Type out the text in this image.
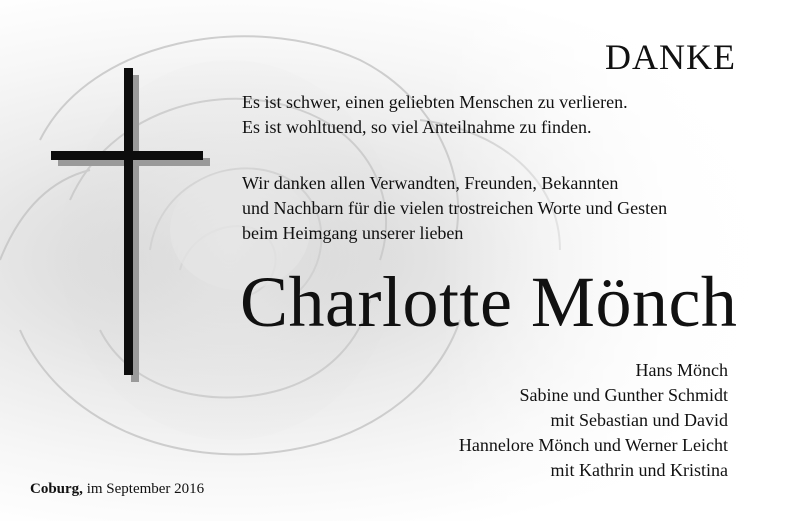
DANKE
Es ist schwer, einen geliebten Menschen zu verlieren.
Es ist wohltuend, so viel Anteilnahme zu finden.
Wir danken allen Verwandten, Freunden, Bekannten
und Nachbarn für die vielen trostreichen Worte und Gesten
beim Heimgang unserer lieben
Charlotte Mönch
Hans Mönch
Sabine und Gunther Schmidt
mit Sebastian und David
Hannelore Mönch und Werner Leicht
mit Kathrin und Kristina
Coburg, im September 2016
